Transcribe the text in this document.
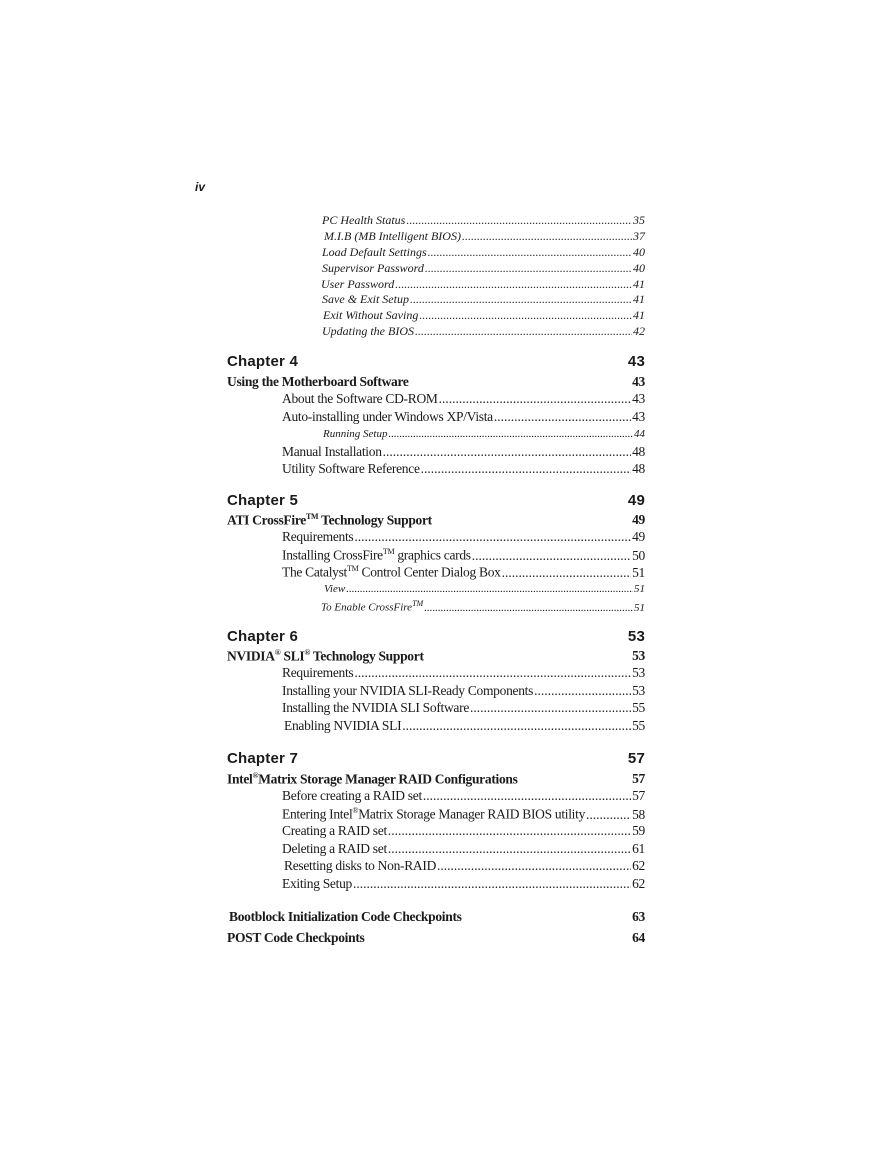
iv
PC Health Status .....	35
M.I.B (MB Intelligent BIOS) .....	37
Load Default Settings .....	40
Supervisor Password .....	40
User Password .....	41
Save & Exit Setup .....	41
Exit Without Saving .....	41
Updating the BIOS .....	42
Chapter 4	43
Using the Motherboard Software	43
About the Software CD-ROM .....	43
Auto-installing under Windows XP/Vista .....	43
Running Setup .....	44
Manual Installation .....	48
Utility Software Reference .....	48
Chapter 5	49
ATI CrossFire™ Technology Support	49
Requirements .....	49
Installing CrossFire™ graphics cards .....	50
The Catalyst™ Control Center Dialog Box .....	51
View .....	51
To Enable CrossFire™ .....	51
Chapter 6	53
NVIDIA® SLI® Technology Support	53
Requirements .....	53
Installing your NVIDIA SLI-Ready Components .....	53
Installing the NVIDIA SLI Software .....	55
Enabling NVIDIA SLI .....	55
Chapter 7	57
Intel®Matrix Storage Manager RAID Configurations	57
Before creating a RAID set .....	57
Entering Intel®Matrix Storage Manager RAID BIOS utility .....	58
Creating a RAID set .....	59
Deleting a RAID set .....	61
Resetting disks to Non-RAID .....	62
Exiting Setup .....	62
Bootblock Initialization Code Checkpoints	63
POST Code Checkpoints	64
